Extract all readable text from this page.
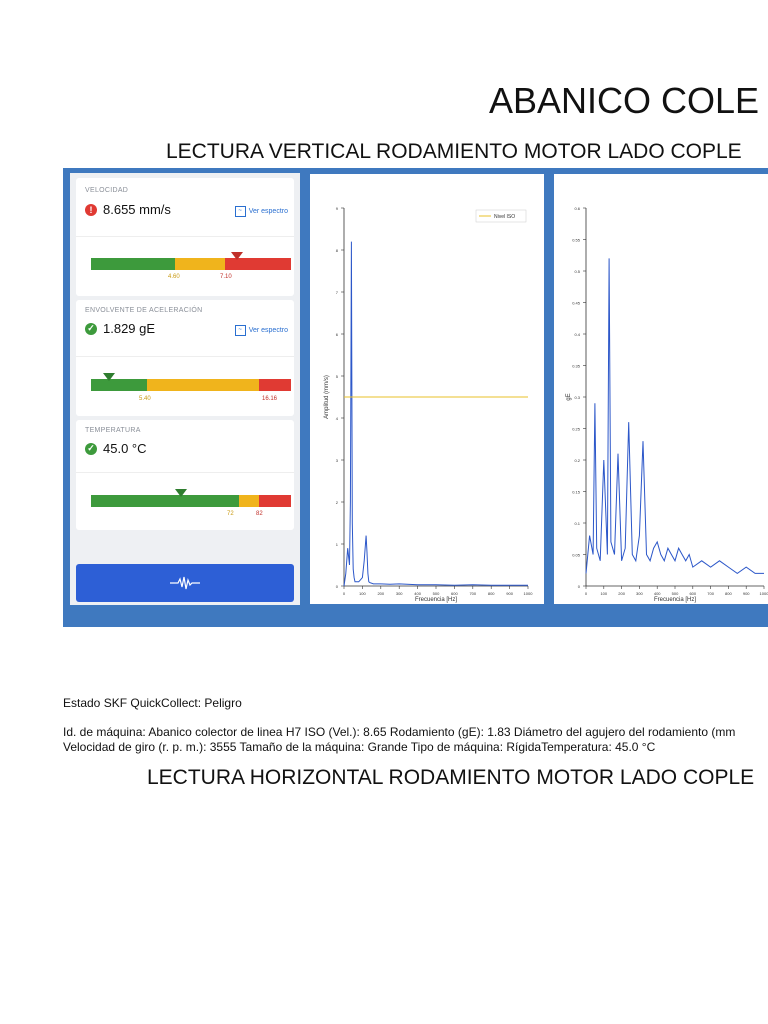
ABANICO COLE
LECTURA VERTICAL RODAMIENTO MOTOR LADO COPLE
VELOCIDAD
! 8.655 mm/s	~ Ver espectro
4.60	7.10
ENVOLVENTE DE ACELERACIÓN
✓ 1.829 gE	~ Ver espectro
5.40	16.16
TEMPERATURA
✓ 45.0 °C
72	82
0
1
2
3
4
5
6
7
8
9
0	100	200	300	400	500	600	700	800	900	1000
Frecuencia [Hz]
Amplitud (mm/s)
Nivel ISO
0
0.05
0.1
0.15
0.2
0.25
0.3
0.35
0.4
0.45
0.5
0.55
0.6
0	100	200	300	400	500	600	700	800	900	1000
Frecuencia [Hz]
gE
Estado SKF QuickCollect: Peligro
Id. de máquina: Abanico colector de linea H7 ISO (Vel.): 8.65 Rodamiento (gE): 1.83 Diámetro del agujero del rodamiento (mm
Velocidad de giro (r. p. m.): 3555 Tamaño de la máquina: Grande Tipo de máquina: RígidaTemperatura: 45.0 °C
LECTURA HORIZONTAL RODAMIENTO MOTOR LADO COPLE
